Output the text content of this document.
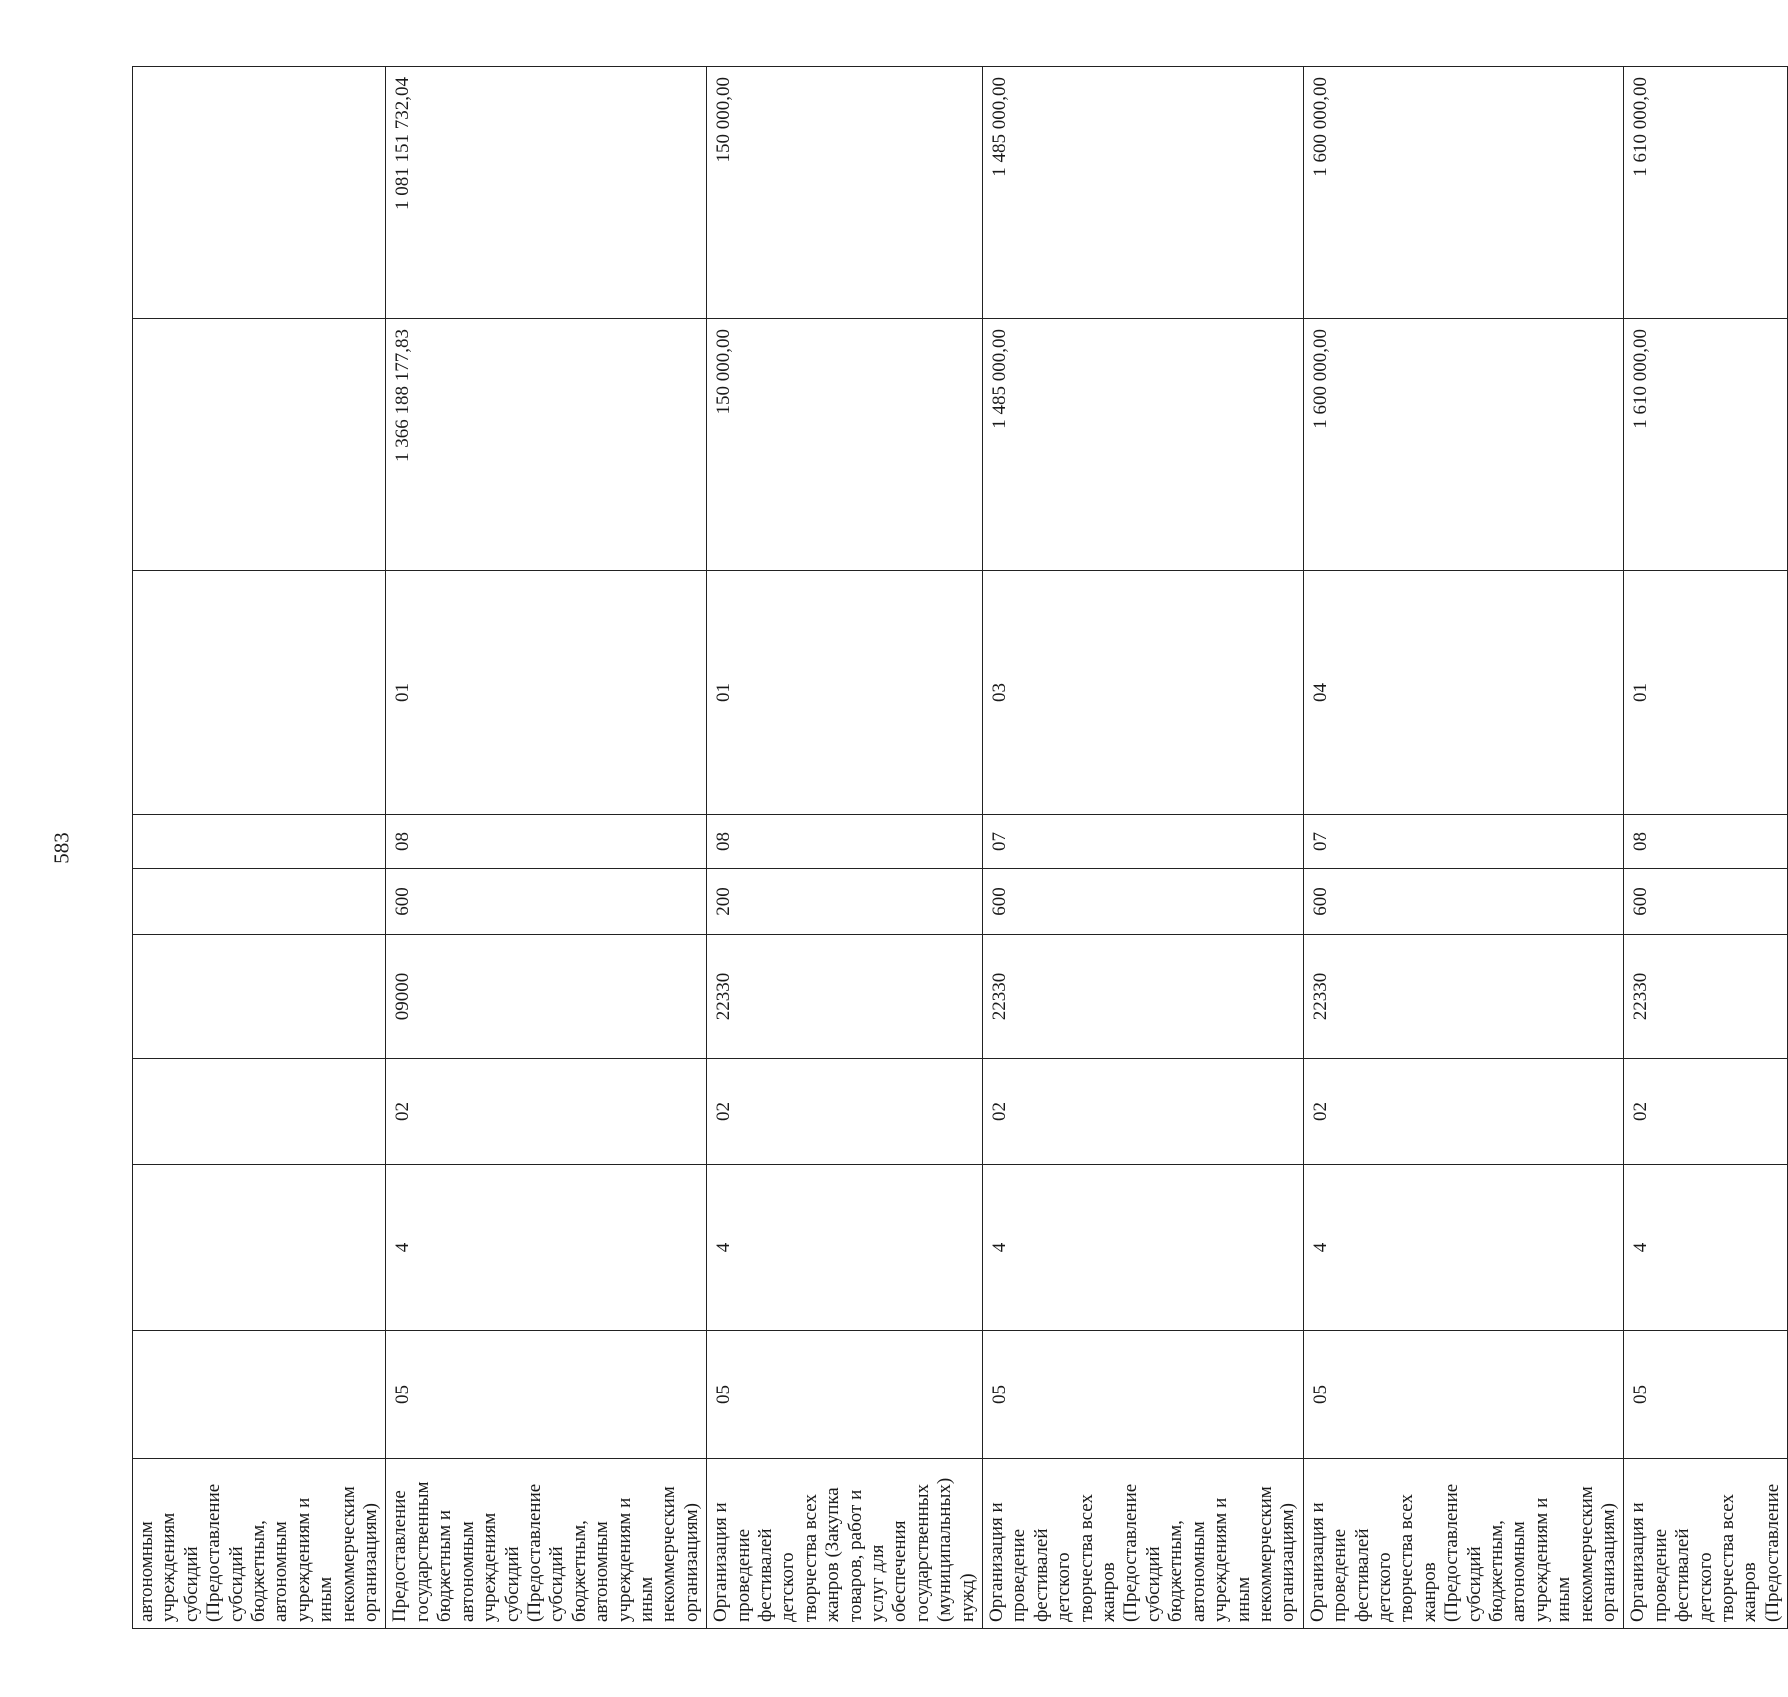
583
автономным учреждениям субсидий (Предоставление субсидий бюджетным, автономным учреждениям и иным некоммерческим организациям)										
Предоставление государственным бюджетным и автономным учреждениям субсидий (Предоставление субсидий бюджетным, автономным учреждениям и иным некоммерческим организациям)	05	4	02	09000	600	08	01	1 366 188 177,83	1 081 151 732,04	
Организация и проведение фестивалей детского творчества всех жанров (Закупка товаров, работ и услуг для обеспечения государственных (муниципальных) нужд)	05	4	02	22330	200	08	01	150 000,00	150 000,00	
Организация и проведение фестивалей детского творчества всех жанров (Предоставление субсидий бюджетным, автономным учреждениям и иным некоммерческим организациям)	05	4	02	22330	600	07	03	1 485 000,00	1 485 000,00	
Организация и проведение фестивалей детского творчества всех жанров (Предоставление субсидий бюджетным, автономным учреждениям и иным некоммерческим организациям)	05	4	02	22330	600	07	04	1 600 000,00	1 600 000,00	
Организация и проведение фестивалей детского творчества всех жанров (Предоставление	05	4	02	22330	600	08	01	1 610 000,00	1 610 000,00	
